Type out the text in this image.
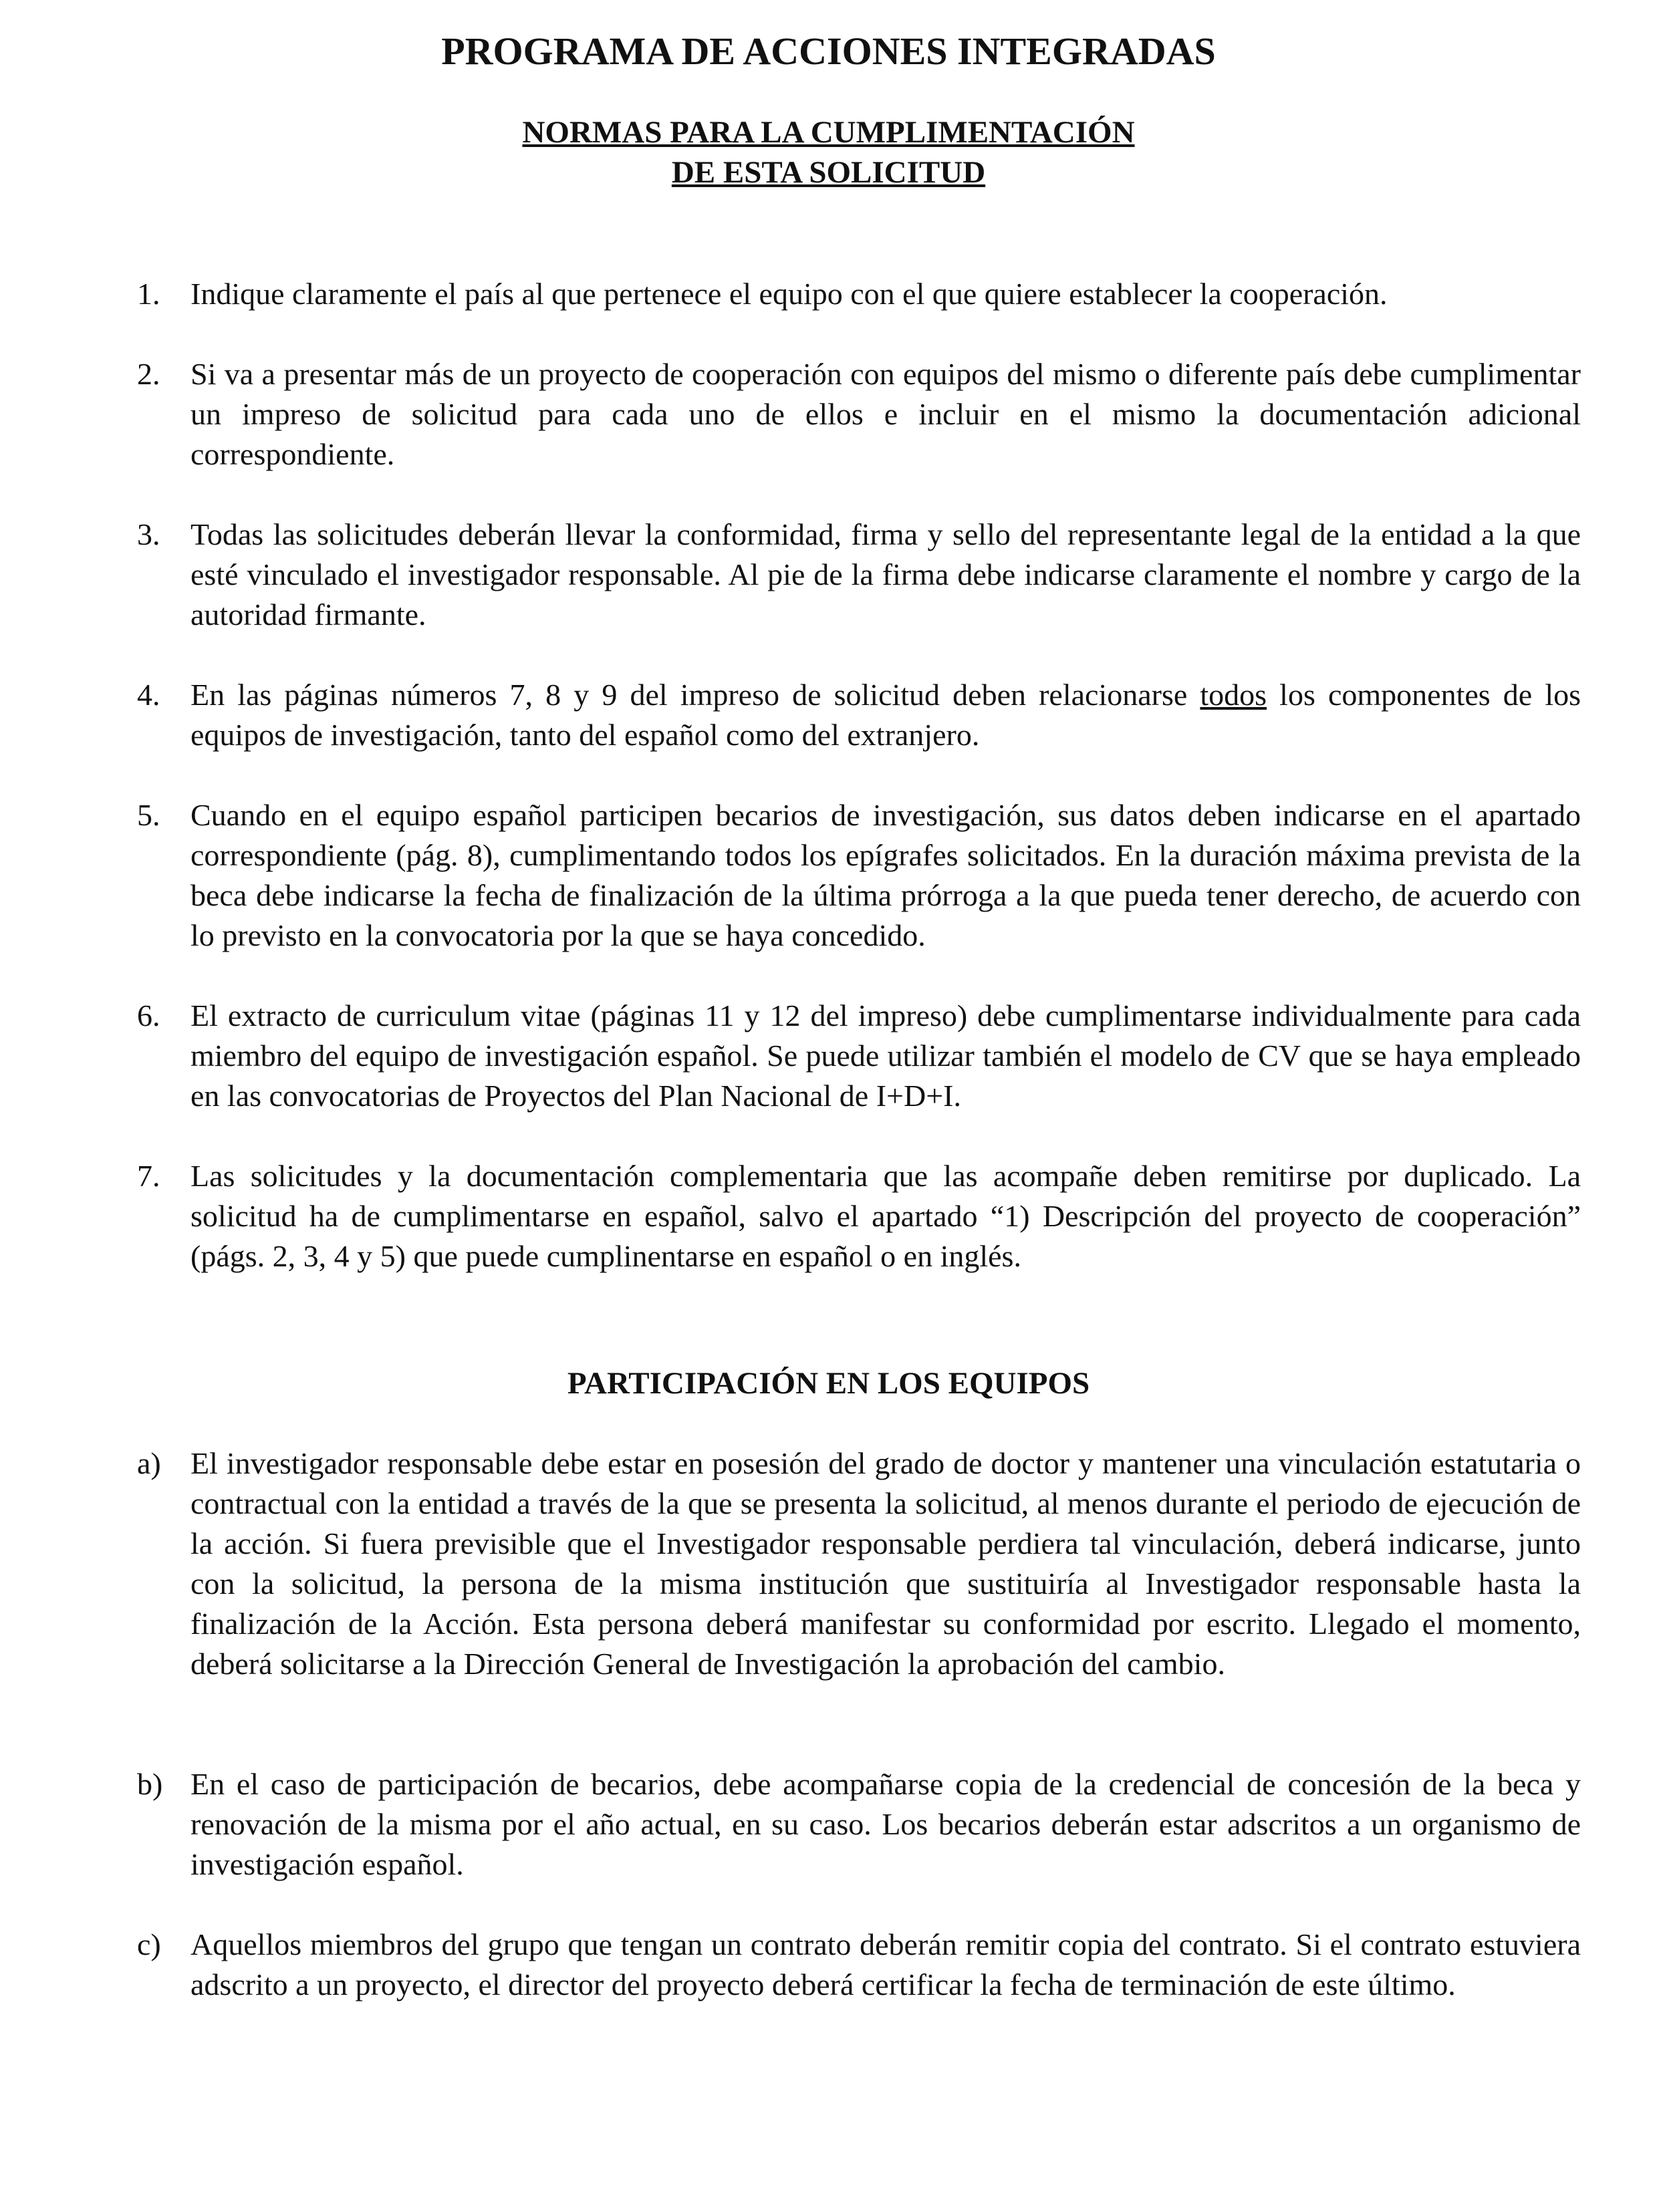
PROGRAMA DE ACCIONES INTEGRADAS
NORMAS PARA LA CUMPLIMENTACIÓN
DE ESTA SOLICITUD
1. Indique claramente el país al que pertenece el equipo con el que quiere establecer la cooperación.

2. Si va a presentar más de un proyecto de cooperación con equipos del mismo o diferente país debe cumplimentar un impreso de solicitud para cada uno de ellos e incluir en el mismo la documentación adicional correspondiente.

3. Todas las solicitudes deberán llevar la conformidad, firma y sello del representante legal de la entidad a la que esté vinculado el investigador responsable. Al pie de la firma debe indicarse claramente el nombre y cargo de la autoridad firmante.

4. En las páginas números 7, 8 y 9 del impreso de solicitud deben relacionarse todos los componentes de los equipos de investigación, tanto del español como del extranjero.

5. Cuando en el equipo español participen becarios de investigación, sus datos deben indicarse en el apartado correspondiente (pág. 8), cumplimentando todos los epígrafes solicitados. En la duración máxima prevista de la beca debe indicarse la fecha de finalización de la última prórroga a la que pueda tener derecho, de acuerdo con lo previsto en la convocatoria por la que se haya concedido.

6. El extracto de curriculum vitae (páginas 11 y 12 del impreso) debe cumplimentarse individualmente para cada miembro del equipo de investigación español. Se puede utilizar también el modelo de CV que se haya empleado en las convocatorias de Proyectos del Plan Nacional de I+D+I.

7. Las solicitudes y la documentación complementaria que las acompañe deben remitirse por duplicado. La solicitud ha de cumplimentarse en español, salvo el apartado “1) Descripción del proyecto de cooperación” (págs. 2, 3, 4 y 5) que puede cumplinentarse en español o en inglés.

PARTICIPACIÓN EN LOS EQUIPOS
a) El investigador responsable debe estar en posesión del grado de doctor y mantener una vinculación estatutaria o contractual con la entidad a través de la que se presenta la solicitud, al menos durante el periodo de ejecución de la acción. Si fuera previsible que el Investigador responsable perdiera tal vinculación, deberá indicarse, junto con la solicitud, la persona de la misma institución que sustituiría al Investigador responsable hasta la finalización de la Acción. Esta persona deberá manifestar su conformidad por escrito. Llegado el momento, deberá solicitarse a la Dirección General de Investigación la aprobación del cambio.

b) En el caso de participación de becarios, debe acompañarse copia de la credencial de concesión de la beca y renovación de la misma por el año actual, en su caso. Los becarios deberán estar adscritos a un organismo de investigación español.

c) Aquellos miembros del grupo que tengan un contrato deberán remitir copia del contrato. Si el contrato estuviera adscrito a un proyecto, el director del proyecto deberá certificar la fecha de terminación de este último.
